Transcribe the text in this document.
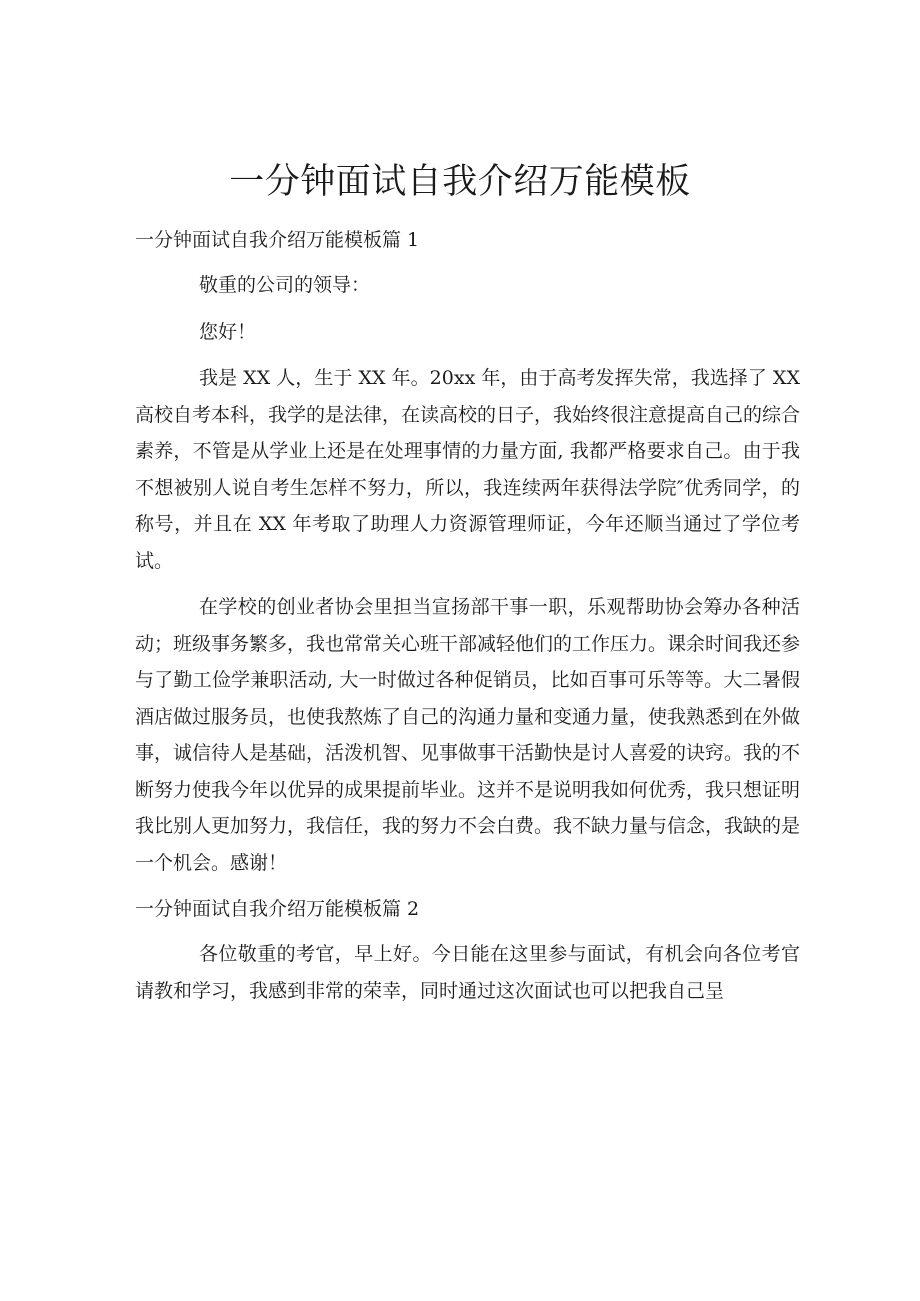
一分钟面试自我介绍万能模板

一分钟面试自我介绍万能模板篇 1

敬重的公司的领导：

您好！

我是 XX 人，生于 XX 年。20xx 年，由于高考发挥失常，我选择了 XX 高校自考本科，我学的是法律，在读高校的日子，我始终很注意提高自己的综合素养，不管是从学业上还是在处理事情的力量方面, 我都严格要求自己。由于我不想被别人说自考生怎样不努力，所以，我连续两年获得法学院″优秀同学，的称号，并且在 XX 年考取了助理人力资源管理师证，今年还顺当通过了学位考试。

在学校的创业者协会里担当宣扬部干事一职，乐观帮助协会筹办各种活动；班级事务繁多，我也常常关心班干部减轻他们的工作压力。课余时间我还参与了勤工俭学兼职活动, 大一时做过各种促销员，比如百事可乐等等。大二暑假酒店做过服务员，也使我熬炼了自己的沟通力量和变通力量，使我熟悉到在外做事，诚信待人是基础，活泼机智、见事做事干活勤快是讨人喜爱的诀窍。我的不断努力使我今年以优异的成果提前毕业。这并不是说明我如何优秀，我只想证明我比别人更加努力，我信任，我的努力不会白费。我不缺力量与信念，我缺的是一个机会。感谢！

一分钟面试自我介绍万能模板篇 2

各位敬重的考官，早上好。今日能在这里参与面试，有机会向各位考官请教和学习，我感到非常的荣幸，同时通过这次面试也可以把我自己呈
